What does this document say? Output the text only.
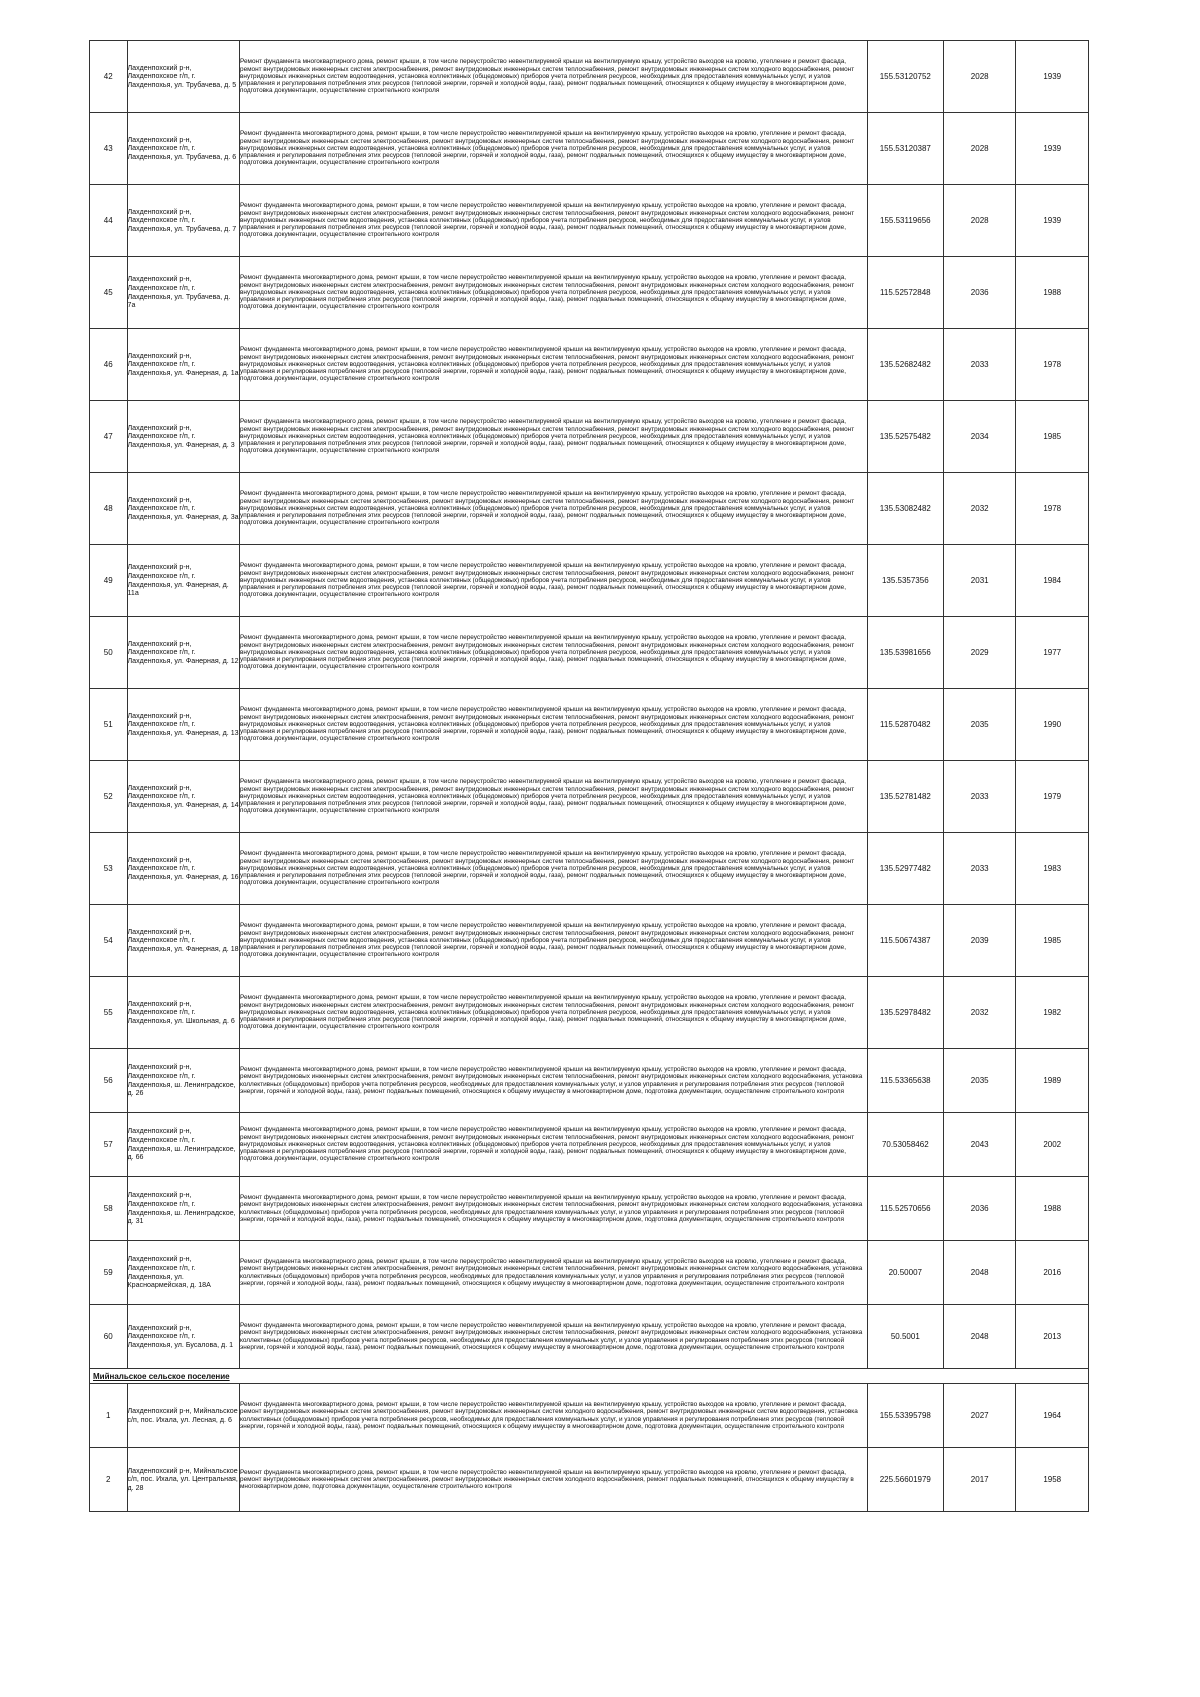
42	Лахденпохский р-н, Лахденпохское г/п, г. Лахденпохья, ул. Трубачева, д. 5	Ремонт фундамента многоквартирного дома, ремонт крыши, в том числе переустройство невентилируемой крыши на вентилируемую крышу, устройство выходов на кровлю, утепление и ремонт фасада, ремонт внутридомовых инженерных систем электроснабжения, ремонт внутридомовых инженерных систем теплоснабжения, ремонт внутридомовых инженерных систем холодного водоснабжения, ремонт внутридомовых инженерных систем водоотведения, установка коллективных (общедомовых) приборов учета потребления ресурсов, необходимых для предоставления коммунальных услуг, и узлов управления и регулирования потребления этих ресурсов (тепловой энергии, горячей и холодной воды, газа), ремонт подвальных помещений, относящихся к общему имуществу в многоквартирном доме, подготовка документации, осуществление строительного контроля	155.53120752	2028	1939
43	Лахденпохский р-н, Лахденпохское г/п, г. Лахденпохья, ул. Трубачева, д. 6	Ремонт фундамента многоквартирного дома, ремонт крыши, в том числе переустройство невентилируемой крыши на вентилируемую крышу, устройство выходов на кровлю, утепление и ремонт фасада, ремонт внутридомовых инженерных систем электроснабжения, ремонт внутридомовых инженерных систем теплоснабжения, ремонт внутридомовых инженерных систем холодного водоснабжения, ремонт внутридомовых инженерных систем водоотведения, установка коллективных (общедомовых) приборов учета потребления ресурсов, необходимых для предоставления коммунальных услуг, и узлов управления и регулирования потребления этих ресурсов (тепловой энергии, горячей и холодной воды, газа), ремонт подвальных помещений, относящихся к общему имуществу в многоквартирном доме, подготовка документации, осуществление строительного контроля	155.53120387	2028	1939
44	Лахденпохский р-н, Лахденпохское г/п, г. Лахденпохья, ул. Трубачева, д. 7	Ремонт фундамента многоквартирного дома, ремонт крыши, в том числе переустройство невентилируемой крыши на вентилируемую крышу, устройство выходов на кровлю, утепление и ремонт фасада, ремонт внутридомовых инженерных систем электроснабжения, ремонт внутридомовых инженерных систем теплоснабжения, ремонт внутридомовых инженерных систем холодного водоснабжения, ремонт внутридомовых инженерных систем водоотведения, установка коллективных (общедомовых) приборов учета потребления ресурсов, необходимых для предоставления коммунальных услуг, и узлов управления и регулирования потребления этих ресурсов (тепловой энергии, горячей и холодной воды, газа), ремонт подвальных помещений, относящихся к общему имуществу в многоквартирном доме, подготовка документации, осуществление строительного контроля	155.53119656	2028	1939
45	Лахденпохский р-н, Лахденпохское г/п, г. Лахденпохья, ул. Трубачева, д. 7а	Ремонт фундамента многоквартирного дома, ремонт крыши, в том числе переустройство невентилируемой крыши на вентилируемую крышу, устройство выходов на кровлю, утепление и ремонт фасада, ремонт внутридомовых инженерных систем электроснабжения, ремонт внутридомовых инженерных систем теплоснабжения, ремонт внутридомовых инженерных систем холодного водоснабжения, ремонт внутридомовых инженерных систем водоотведения, установка коллективных (общедомовых) приборов учета потребления ресурсов, необходимых для предоставления коммунальных услуг, и узлов управления и регулирования потребления этих ресурсов (тепловой энергии, горячей и холодной воды, газа), ремонт подвальных помещений, относящихся к общему имуществу в многоквартирном доме, подготовка документации, осуществление строительного контроля	115.52572848	2036	1988
46	Лахденпохский р-н, Лахденпохское г/п, г. Лахденпохья, ул. Фанерная, д. 1а	Ремонт фундамента многоквартирного дома, ремонт крыши, в том числе переустройство невентилируемой крыши на вентилируемую крышу, устройство выходов на кровлю, утепление и ремонт фасада, ремонт внутридомовых инженерных систем электроснабжения, ремонт внутридомовых инженерных систем теплоснабжения, ремонт внутридомовых инженерных систем холодного водоснабжения, ремонт внутридомовых инженерных систем водоотведения, установка коллективных (общедомовых) приборов учета потребления ресурсов, необходимых для предоставления коммунальных услуг, и узлов управления и регулирования потребления этих ресурсов (тепловой энергии, горячей и холодной воды, газа), ремонт подвальных помещений, относящихся к общему имуществу в многоквартирном доме, подготовка документации, осуществление строительного контроля	135.52682482	2033	1978
47	Лахденпохский р-н, Лахденпохское г/п, г. Лахденпохья, ул. Фанерная, д. 3	Ремонт фундамента многоквартирного дома, ремонт крыши, в том числе переустройство невентилируемой крыши на вентилируемую крышу, устройство выходов на кровлю, утепление и ремонт фасада, ремонт внутридомовых инженерных систем электроснабжения, ремонт внутридомовых инженерных систем теплоснабжения, ремонт внутридомовых инженерных систем холодного водоснабжения, ремонт внутридомовых инженерных систем водоотведения, установка коллективных (общедомовых) приборов учета потребления ресурсов, необходимых для предоставления коммунальных услуг, и узлов управления и регулирования потребления этих ресурсов (тепловой энергии, горячей и холодной воды, газа), ремонт подвальных помещений, относящихся к общему имуществу в многоквартирном доме, подготовка документации, осуществление строительного контроля	135.52575482	2034	1985
48	Лахденпохский р-н, Лахденпохское г/п, г. Лахденпохья, ул. Фанерная, д. 3а	Ремонт фундамента многоквартирного дома, ремонт крыши, в том числе переустройство невентилируемой крыши на вентилируемую крышу, устройство выходов на кровлю, утепление и ремонт фасада, ремонт внутридомовых инженерных систем электроснабжения, ремонт внутридомовых инженерных систем теплоснабжения, ремонт внутридомовых инженерных систем холодного водоснабжения, ремонт внутридомовых инженерных систем водоотведения, установка коллективных (общедомовых) приборов учета потребления ресурсов, необходимых для предоставления коммунальных услуг, и узлов управления и регулирования потребления этих ресурсов (тепловой энергии, горячей и холодной воды, газа), ремонт подвальных помещений, относящихся к общему имуществу в многоквартирном доме, подготовка документации, осуществление строительного контроля	135.53082482	2032	1978
49	Лахденпохский р-н, Лахденпохское г/п, г. Лахденпохья, ул. Фанерная, д. 11а	Ремонт фундамента многоквартирного дома, ремонт крыши, в том числе переустройство невентилируемой крыши на вентилируемую крышу, устройство выходов на кровлю, утепление и ремонт фасада, ремонт внутридомовых инженерных систем электроснабжения, ремонт внутридомовых инженерных систем теплоснабжения, ремонт внутридомовых инженерных систем холодного водоснабжения, ремонт внутридомовых инженерных систем водоотведения, установка коллективных (общедомовых) приборов учета потребления ресурсов, необходимых для предоставления коммунальных услуг, и узлов управления и регулирования потребления этих ресурсов (тепловой энергии, горячей и холодной воды, газа), ремонт подвальных помещений, относящихся к общему имуществу в многоквартирном доме, подготовка документации, осуществление строительного контроля	135.5357356	2031	1984
50	Лахденпохский р-н, Лахденпохское г/п, г. Лахденпохья, ул. Фанерная, д. 12	Ремонт фундамента многоквартирного дома, ремонт крыши, в том числе переустройство невентилируемой крыши на вентилируемую крышу, устройство выходов на кровлю, утепление и ремонт фасада, ремонт внутридомовых инженерных систем электроснабжения, ремонт внутридомовых инженерных систем теплоснабжения, ремонт внутридомовых инженерных систем холодного водоснабжения, ремонт внутридомовых инженерных систем водоотведения, установка коллективных (общедомовых) приборов учета потребления ресурсов, необходимых для предоставления коммунальных услуг, и узлов управления и регулирования потребления этих ресурсов (тепловой энергии, горячей и холодной воды, газа), ремонт подвальных помещений, относящихся к общему имуществу в многоквартирном доме, подготовка документации, осуществление строительного контроля	135.53981656	2029	1977
51	Лахденпохский р-н, Лахденпохское г/п, г. Лахденпохья, ул. Фанерная, д. 13	Ремонт фундамента многоквартирного дома, ремонт крыши, в том числе переустройство невентилируемой крыши на вентилируемую крышу, устройство выходов на кровлю, утепление и ремонт фасада, ремонт внутридомовых инженерных систем электроснабжения, ремонт внутридомовых инженерных систем теплоснабжения, ремонт внутридомовых инженерных систем холодного водоснабжения, ремонт внутридомовых инженерных систем водоотведения, установка коллективных (общедомовых) приборов учета потребления ресурсов, необходимых для предоставления коммунальных услуг, и узлов управления и регулирования потребления этих ресурсов (тепловой энергии, горячей и холодной воды, газа), ремонт подвальных помещений, относящихся к общему имуществу в многоквартирном доме, подготовка документации, осуществление строительного контроля	115.52870482	2035	1990
52	Лахденпохский р-н, Лахденпохское г/п, г. Лахденпохья, ул. Фанерная, д. 14	Ремонт фундамента многоквартирного дома, ремонт крыши, в том числе переустройство невентилируемой крыши на вентилируемую крышу, устройство выходов на кровлю, утепление и ремонт фасада, ремонт внутридомовых инженерных систем электроснабжения, ремонт внутридомовых инженерных систем теплоснабжения, ремонт внутридомовых инженерных систем холодного водоснабжения, ремонт внутридомовых инженерных систем водоотведения, установка коллективных (общедомовых) приборов учета потребления ресурсов, необходимых для предоставления коммунальных услуг, и узлов управления и регулирования потребления этих ресурсов (тепловой энергии, горячей и холодной воды, газа), ремонт подвальных помещений, относящихся к общему имуществу в многоквартирном доме, подготовка документации, осуществление строительного контроля	135.52781482	2033	1979
53	Лахденпохский р-н, Лахденпохское г/п, г. Лахденпохья, ул. Фанерная, д. 16	Ремонт фундамента многоквартирного дома, ремонт крыши, в том числе переустройство невентилируемой крыши на вентилируемую крышу, устройство выходов на кровлю, утепление и ремонт фасада, ремонт внутридомовых инженерных систем электроснабжения, ремонт внутридомовых инженерных систем теплоснабжения, ремонт внутридомовых инженерных систем холодного водоснабжения, ремонт внутридомовых инженерных систем водоотведения, установка коллективных (общедомовых) приборов учета потребления ресурсов, необходимых для предоставления коммунальных услуг, и узлов управления и регулирования потребления этих ресурсов (тепловой энергии, горячей и холодной воды, газа), ремонт подвальных помещений, относящихся к общему имуществу в многоквартирном доме, подготовка документации, осуществление строительного контроля	135.52977482	2033	1983
54	Лахденпохский р-н, Лахденпохское г/п, г. Лахденпохья, ул. Фанерная, д. 18	Ремонт фундамента многоквартирного дома, ремонт крыши, в том числе переустройство невентилируемой крыши на вентилируемую крышу, устройство выходов на кровлю, утепление и ремонт фасада, ремонт внутридомовых инженерных систем электроснабжения, ремонт внутридомовых инженерных систем теплоснабжения, ремонт внутридомовых инженерных систем холодного водоснабжения, ремонт внутридомовых инженерных систем водоотведения, установка коллективных (общедомовых) приборов учета потребления ресурсов, необходимых для предоставления коммунальных услуг, и узлов управления и регулирования потребления этих ресурсов (тепловой энергии, горячей и холодной воды, газа), ремонт подвальных помещений, относящихся к общему имуществу в многоквартирном доме, подготовка документации, осуществление строительного контроля	115.50674387	2039	1985
55	Лахденпохский р-н, Лахденпохское г/п, г. Лахденпохья, ул. Школьная, д. 6	Ремонт фундамента многоквартирного дома, ремонт крыши, в том числе переустройство невентилируемой крыши на вентилируемую крышу, устройство выходов на кровлю, утепление и ремонт фасада, ремонт внутридомовых инженерных систем электроснабжения, ремонт внутридомовых инженерных систем теплоснабжения, ремонт внутридомовых инженерных систем холодного водоснабжения, ремонт внутридомовых инженерных систем водоотведения, установка коллективных (общедомовых) приборов учета потребления ресурсов, необходимых для предоставления коммунальных услуг, и узлов управления и регулирования потребления этих ресурсов (тепловой энергии, горячей и холодной воды, газа), ремонт подвальных помещений, относящихся к общему имуществу в многоквартирном доме, подготовка документации, осуществление строительного контроля	135.52978482	2032	1982
56	Лахденпохский р-н, Лахденпохское г/п, г. Лахденпохья, ш. Ленинградское, д. 26	Ремонт фундамента многоквартирного дома, ремонт крыши, в том числе переустройство невентилируемой крыши на вентилируемую крышу, устройство выходов на кровлю, утепление и ремонт фасада, ремонт внутридомовых инженерных систем электроснабжения, ремонт внутридомовых инженерных систем теплоснабжения, ремонт внутридомовых инженерных систем холодного водоснабжения, установка коллективных (общедомовых) приборов учета потребления ресурсов, необходимых для предоставления коммунальных услуг, и узлов управления и регулирования потребления этих ресурсов (тепловой энергии, горячей и холодной воды, газа), ремонт подвальных помещений, относящихся к общему имуществу в многоквартирном доме, подготовка документации, осуществление строительного контроля	115.53365638	2035	1989
57	Лахденпохский р-н, Лахденпохское г/п, г. Лахденпохья, ш. Ленинградское, д. 66	Ремонт фундамента многоквартирного дома, ремонт крыши, в том числе переустройство невентилируемой крыши на вентилируемую крышу, устройство выходов на кровлю, утепление и ремонт фасада, ремонт внутридомовых инженерных систем электроснабжения, ремонт внутридомовых инженерных систем теплоснабжения, ремонт внутридомовых инженерных систем холодного водоснабжения, ремонт внутридомовых инженерных систем водоотведения, установка коллективных (общедомовых) приборов учета потребления ресурсов, необходимых для предоставления коммунальных услуг, и узлов управления и регулирования потребления этих ресурсов (тепловой энергии, горячей и холодной воды, газа), ремонт подвальных помещений, относящихся к общему имуществу в многоквартирном доме, подготовка документации, осуществление строительного контроля	70.53058462	2043	2002
58	Лахденпохский р-н, Лахденпохское г/п, г. Лахденпохья, ш. Ленинградское, д. 31	Ремонт фундамента многоквартирного дома, ремонт крыши, в том числе переустройство невентилируемой крыши на вентилируемую крышу, устройство выходов на кровлю, утепление и ремонт фасада, ремонт внутридомовых инженерных систем электроснабжения, ремонт внутридомовых инженерных систем теплоснабжения, ремонт внутридомовых инженерных систем холодного водоснабжения, установка коллективных (общедомовых) приборов учета потребления ресурсов, необходимых для предоставления коммунальных услуг, и узлов управления и регулирования потребления этих ресурсов (тепловой энергии, горячей и холодной воды, газа), ремонт подвальных помещений, относящихся к общему имуществу в многоквартирном доме, подготовка документации, осуществление строительного контроля	115.52570656	2036	1988
59	Лахденпохский р-н, Лахденпохское г/п, г. Лахденпохья, ул. Красноармейская, д. 18А	Ремонт фундамента многоквартирного дома, ремонт крыши, в том числе переустройство невентилируемой крыши на вентилируемую крышу, устройство выходов на кровлю, утепление и ремонт фасада, ремонт внутридомовых инженерных систем электроснабжения, ремонт внутридомовых инженерных систем теплоснабжения, ремонт внутридомовых инженерных систем холодного водоснабжения, установка коллективных (общедомовых) приборов учета потребления ресурсов, необходимых для предоставления коммунальных услуг, и узлов управления и регулирования потребления этих ресурсов (тепловой энергии, горячей и холодной воды, газа), ремонт подвальных помещений, относящихся к общему имуществу в многоквартирном доме, подготовка документации, осуществление строительного контроля	20.50007	2048	2016
60	Лахденпохский р-н, Лахденпохское г/п, г. Лахденпохья, ул. Бусалова, д. 1	Ремонт фундамента многоквартирного дома, ремонт крыши, в том числе переустройство невентилируемой крыши на вентилируемую крышу, устройство выходов на кровлю, утепление и ремонт фасада, ремонт внутридомовых инженерных систем электроснабжения, ремонт внутридомовых инженерных систем теплоснабжения, ремонт внутридомовых инженерных систем холодного водоснабжения, установка коллективных (общедомовых) приборов учета потребления ресурсов, необходимых для предоставления коммунальных услуг, и узлов управления и регулирования потребления этих ресурсов (тепловой энергии, горячей и холодной воды, газа), ремонт подвальных помещений, относящихся к общему имуществу в многоквартирном доме, подготовка документации, осуществление строительного контроля	50.5001	2048	2013
Мийнальское сельское поселение					
1	Лахденпохский р-н, Мийнальское с/п, пос. Ихала, ул. Лесная, д. 6	Ремонт фундамента многоквартирного дома, ремонт крыши, в том числе переустройство невентилируемой крыши на вентилируемую крышу, устройство выходов на кровлю, утепление и ремонт фасада, ремонт внутридомовых инженерных систем электроснабжения, ремонт внутридомовых инженерных систем холодного водоснабжения, ремонт внутридомовых инженерных систем водоотведения, установка коллективных (общедомовых) приборов учета потребления ресурсов, необходимых для предоставления коммунальных услуг, и узлов управления и регулирования потребления этих ресурсов (тепловой энергии, горячей и холодной воды, газа), ремонт подвальных помещений, относящихся к общему имуществу в многоквартирном доме, подготовка документации, осуществление строительного контроля	155.53395798	2027	1964
2	Лахденпохский р-н, Мийнальское с/п, пос. Ихала, ул. Центральная, д. 28	Ремонт фундамента многоквартирного дома, ремонт крыши, в том числе переустройство невентилируемой крыши на вентилируемую крышу, устройство выходов на кровлю, утепление и ремонт фасада, ремонт внутридомовых инженерных систем электроснабжения, ремонт внутридомовых инженерных систем холодного водоснабжения, ремонт подвальных помещений, относящихся к общему имуществу в многоквартирном доме, подготовка документации, осуществление строительного контроля	225.56601979	2017	1958
